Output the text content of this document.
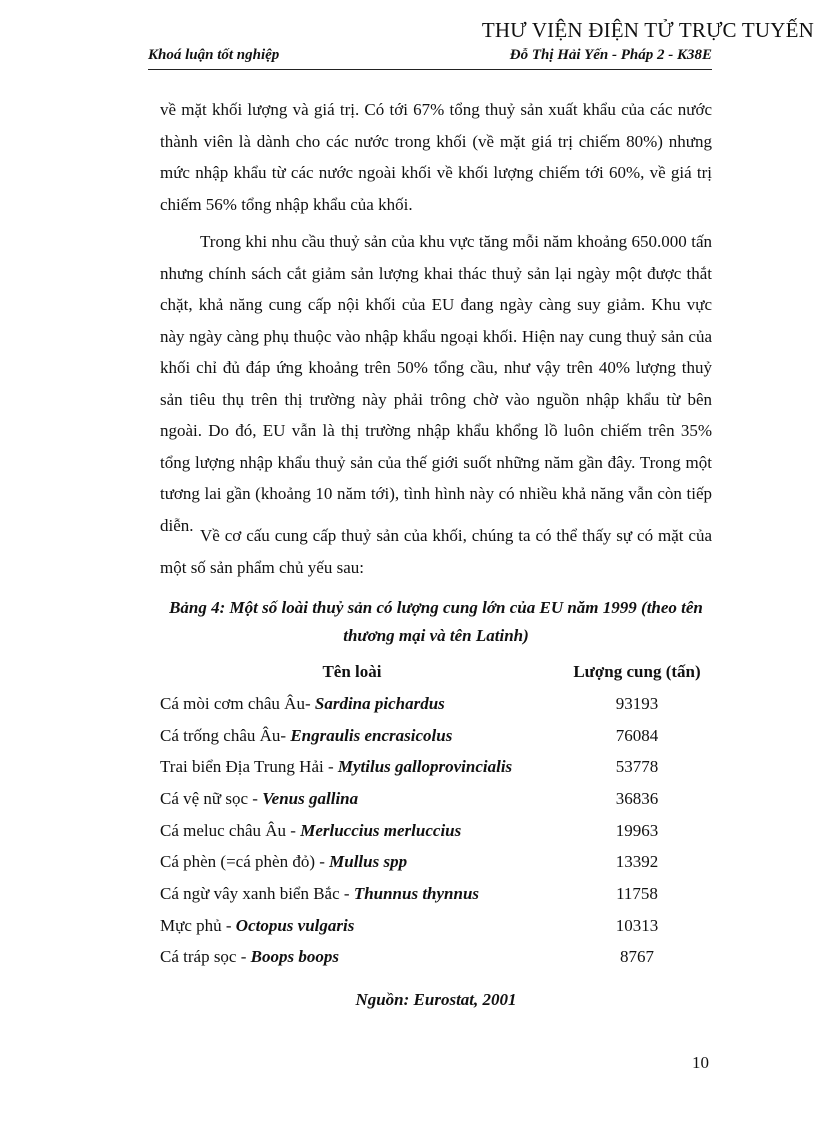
THƯ VIỆN ĐIỆN TỬ TRỰC TUYẾN
Khoá luận tốt nghiệp	Đỗ Thị Hải Yến - Pháp 2 - K38E

về mặt khối lượng và giá trị. Có tới 67% tổng thuỷ sản xuất khẩu của các nước thành viên là dành cho các nước trong khối (về mặt giá trị chiếm 80%) nhưng mức nhập khẩu từ các nước ngoài khối về khối lượng chiếm tới 60%, về giá trị chiếm 56% tổng nhập khẩu của khối.

Trong khi nhu cầu thuỷ sản của khu vực tăng mỗi năm khoảng 650.000 tấn nhưng chính sách cắt giảm sản lượng khai thác thuỷ sản lại ngày một được thắt chặt, khả năng cung cấp nội khối của EU đang ngày càng suy giảm. Khu vực này ngày càng phụ thuộc vào nhập khẩu ngoại khối. Hiện nay cung thuỷ sản của khối chỉ đủ đáp ứng khoảng trên 50% tổng cầu, như vậy trên 40% lượng thuỷ sản tiêu thụ trên thị trường này phải trông chờ vào nguồn nhập khẩu từ bên ngoài. Do đó, EU vẫn là thị trường nhập khẩu khổng lồ luôn chiếm trên 35% tổng lượng nhập khẩu thuỷ sản của thế giới suốt những năm gần đây. Trong một tương lai gần (khoảng 10 năm tới), tình hình này có nhiều khả năng vẫn còn tiếp diễn.

Về cơ cấu cung cấp thuỷ sản của khối, chúng ta có thể thấy sự có mặt của một số sản phẩm chủ yếu sau:

Bảng 4: Một số loài thuỷ sản có lượng cung lớn của EU năm 1999 (theo tên
thương mại và tên Latinh)
Tên loài	Lượng cung (tấn)
Cá mòi cơm châu Âu- Sardina pichardus	93193
Cá trống châu Âu- Engraulis encrasicolus	76084
Trai biển Địa Trung Hải - Mytilus galloprovincialis	53778
Cá vệ nữ sọc - Venus gallina	36836
Cá meluc châu Âu - Merluccius merluccius	19963
Cá phèn (=cá phèn đỏ) - Mullus spp	13392
Cá ngừ vây xanh biển Bắc - Thunnus thynnus	11758
Mực phủ - Octopus vulgaris	10313
Cá tráp sọc - Boops boops	8767
Nguồn: Eurostat, 2001
10
